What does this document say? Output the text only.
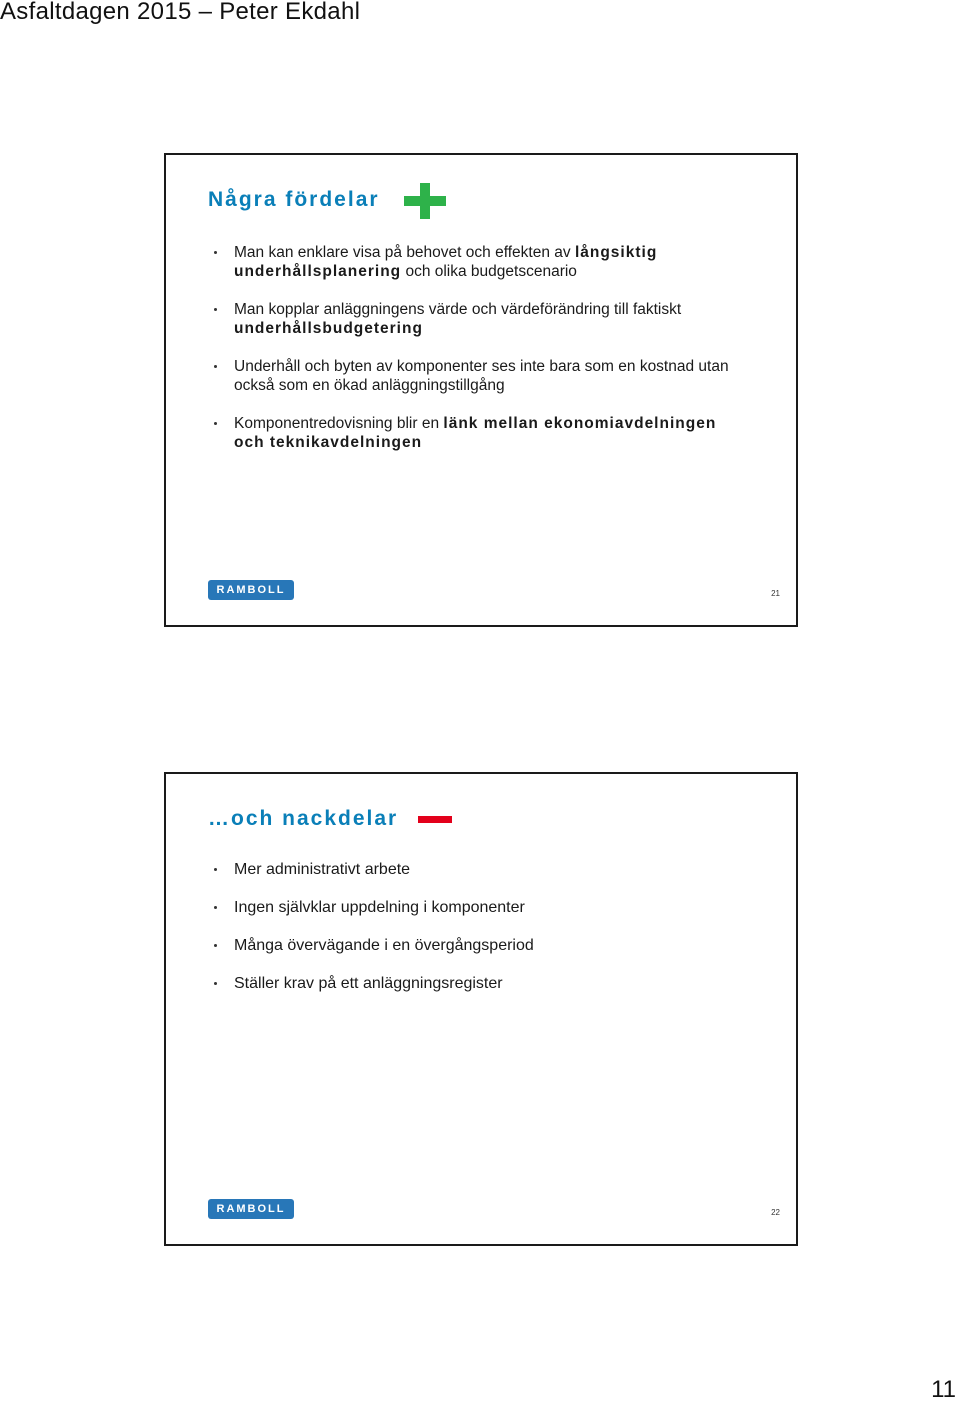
Asfaltdagen 2015 – Peter Ekdahl
Några fördelar
Man kan enklare visa på behovet och effekten av långsiktig underhållsplanering och olika budgetscenario
Man kopplar anläggningens värde och värdeförändring till faktiskt underhållsbudgetering
Underhåll och byten av komponenter ses inte bara som en kostnad utan också som en ökad anläggningstillgång
Komponentredovisning blir en länk mellan ekonomiavdelningen och teknikavdelningen
RAMBOLL	21
…och nackdelar
Mer administrativt arbete
Ingen självklar uppdelning i komponenter
Många övervägande i en övergångsperiod
Ställer krav på ett anläggningsregister
RAMBOLL	22
11
